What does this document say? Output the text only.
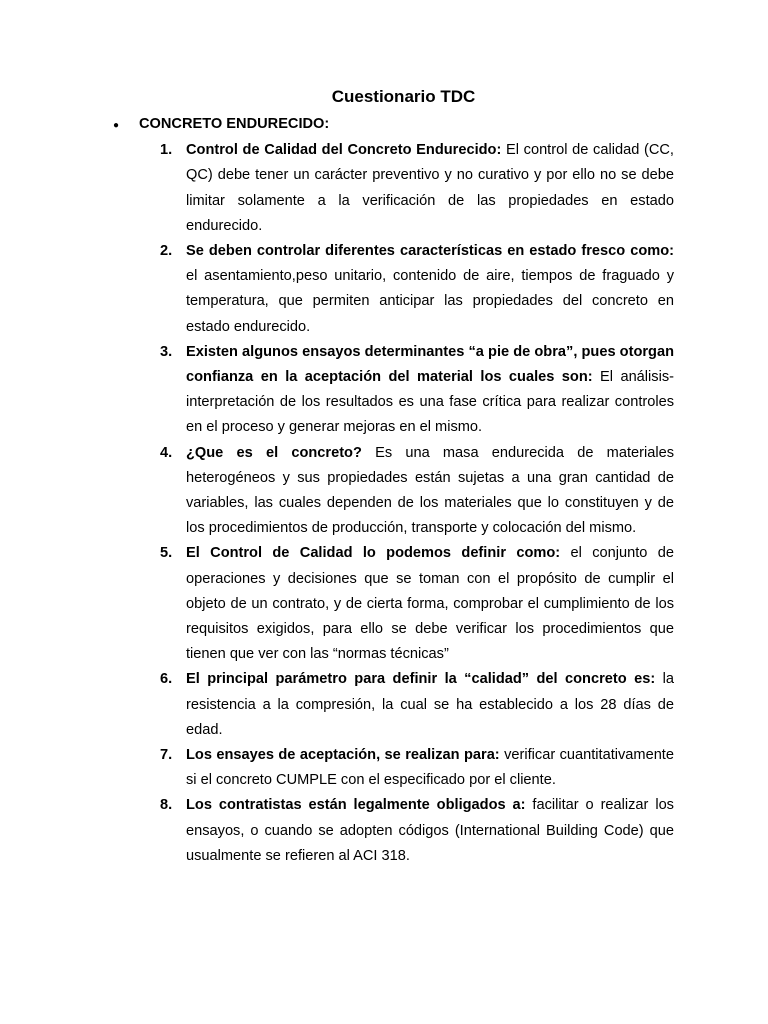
Cuestionario TDC
●	CONCRETO ENDURECIDO:
1. Control de Calidad del Concreto Endurecido: El control de calidad (CC, QC) debe tener un carácter preventivo y no curativo y por ello no se debe limitar solamente a la verificación de las propiedades en estado endurecido.
2. Se deben controlar diferentes características en estado fresco como: el asentamiento,peso unitario, contenido de aire, tiempos de fraguado y temperatura, que permiten anticipar las propiedades del concreto en estado endurecido.
3. Existen algunos ensayos determinantes “a pie de obra”, pues otorgan confianza en la aceptación del material los cuales son: El análisis-interpretación de los resultados es una fase crítica para realizar controles en el proceso y generar mejoras en el mismo.
4. ¿Que es el concreto? Es una masa endurecida de materiales heterogéneos y sus propiedades están sujetas a una gran cantidad de variables, las cuales dependen de los materiales que lo constituyen y de los procedimientos de producción, transporte y colocación del mismo.
5. El Control de Calidad lo podemos definir como: el conjunto de operaciones y decisiones que se toman con el propósito de cumplir el objeto de un contrato, y de cierta forma, comprobar el cumplimiento de los requisitos exigidos, para ello se debe verificar los procedimientos que tienen que ver con las “normas técnicas”
6. El principal parámetro para definir la “calidad” del concreto es: la resistencia a la compresión, la cual se ha establecido a los 28 días de edad.
7. Los ensayes de aceptación, se realizan para: verificar cuantitativamente si el concreto CUMPLE con el especificado por el cliente.
8. Los contratistas están legalmente obligados a: facilitar o realizar los ensayos, o cuando se adopten códigos (International Building Code) que usualmente se refieren al ACI 318.
